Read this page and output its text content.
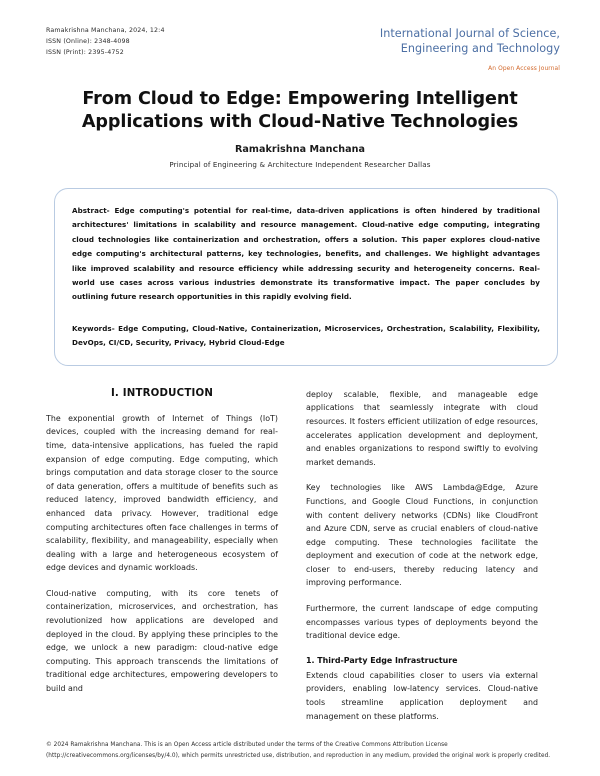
Ramakrishna Manchana, 2024, 12:4
ISSN (Online): 2348-4098
ISSN (Print): 2395-4752
International Journal of Science,
Engineering and Technology
An Open Access Journal
From Cloud to Edge: Empowering Intelligent Applications with Cloud-Native Technologies
Ramakrishna Manchana
Principal of Engineering & Architecture Independent Researcher Dallas
Abstract- Edge computing's potential for real-time, data-driven applications is often hindered by traditional architectures' limitations in scalability and resource management. Cloud-native edge computing, integrating cloud technologies like containerization and orchestration, offers a solution. This paper explores cloud-native edge computing's architectural patterns, key technologies, benefits, and challenges. We highlight advantages like improved scalability and resource efficiency while addressing security and heterogeneity concerns. Real-world use cases across various industries demonstrate its transformative impact. The paper concludes by outlining future research opportunities in this rapidly evolving field.
Keywords- Edge Computing, Cloud-Native, Containerization, Microservices, Orchestration, Scalability, Flexibility, DevOps, CI/CD, Security, Privacy, Hybrid Cloud-Edge
I. INTRODUCTION

The exponential growth of Internet of Things (IoT) devices, coupled with the increasing demand for real-time, data-intensive applications, has fueled the rapid expansion of edge computing. Edge computing, which brings computation and data storage closer to the source of data generation, offers a multitude of benefits such as reduced latency, improved bandwidth efficiency, and enhanced data privacy. However, traditional edge computing architectures often face challenges in terms of scalability, flexibility, and manageability, especially when dealing with a large and heterogeneous ecosystem of edge devices and dynamic workloads.

Cloud-native computing, with its core tenets of containerization, microservices, and orchestration, has revolutionized how applications are developed and deployed in the cloud. By applying these principles to the edge, we unlock a new paradigm: cloud-native edge computing. This approach transcends the limitations of traditional edge architectures, empowering developers to build and

deploy scalable, flexible, and manageable edge applications that seamlessly integrate with cloud resources. It fosters efficient utilization of edge resources, accelerates application development and deployment, and enables organizations to respond swiftly to evolving market demands.

Key technologies like AWS Lambda@Edge, Azure Functions, and Google Cloud Functions, in conjunction with content delivery networks (CDNs) like CloudFront and Azure CDN, serve as crucial enablers of cloud-native edge computing. These technologies facilitate the deployment and execution of code at the network edge, closer to end-users, thereby reducing latency and improving performance.

Furthermore, the current landscape of edge computing encompasses various types of deployments beyond the traditional device edge.

1. Third-Party Edge Infrastructure

Extends cloud capabilities closer to users via external providers, enabling low-latency services. Cloud-native tools streamline application deployment and management on these platforms.

© 2024 Ramakrishna Manchana. This is an Open Access article distributed under the terms of the Creative Commons Attribution License (http://creativecommons.org/licenses/by/4.0), which permits unrestricted use, distribution, and reproduction in any medium, provided the original work is properly credited.
